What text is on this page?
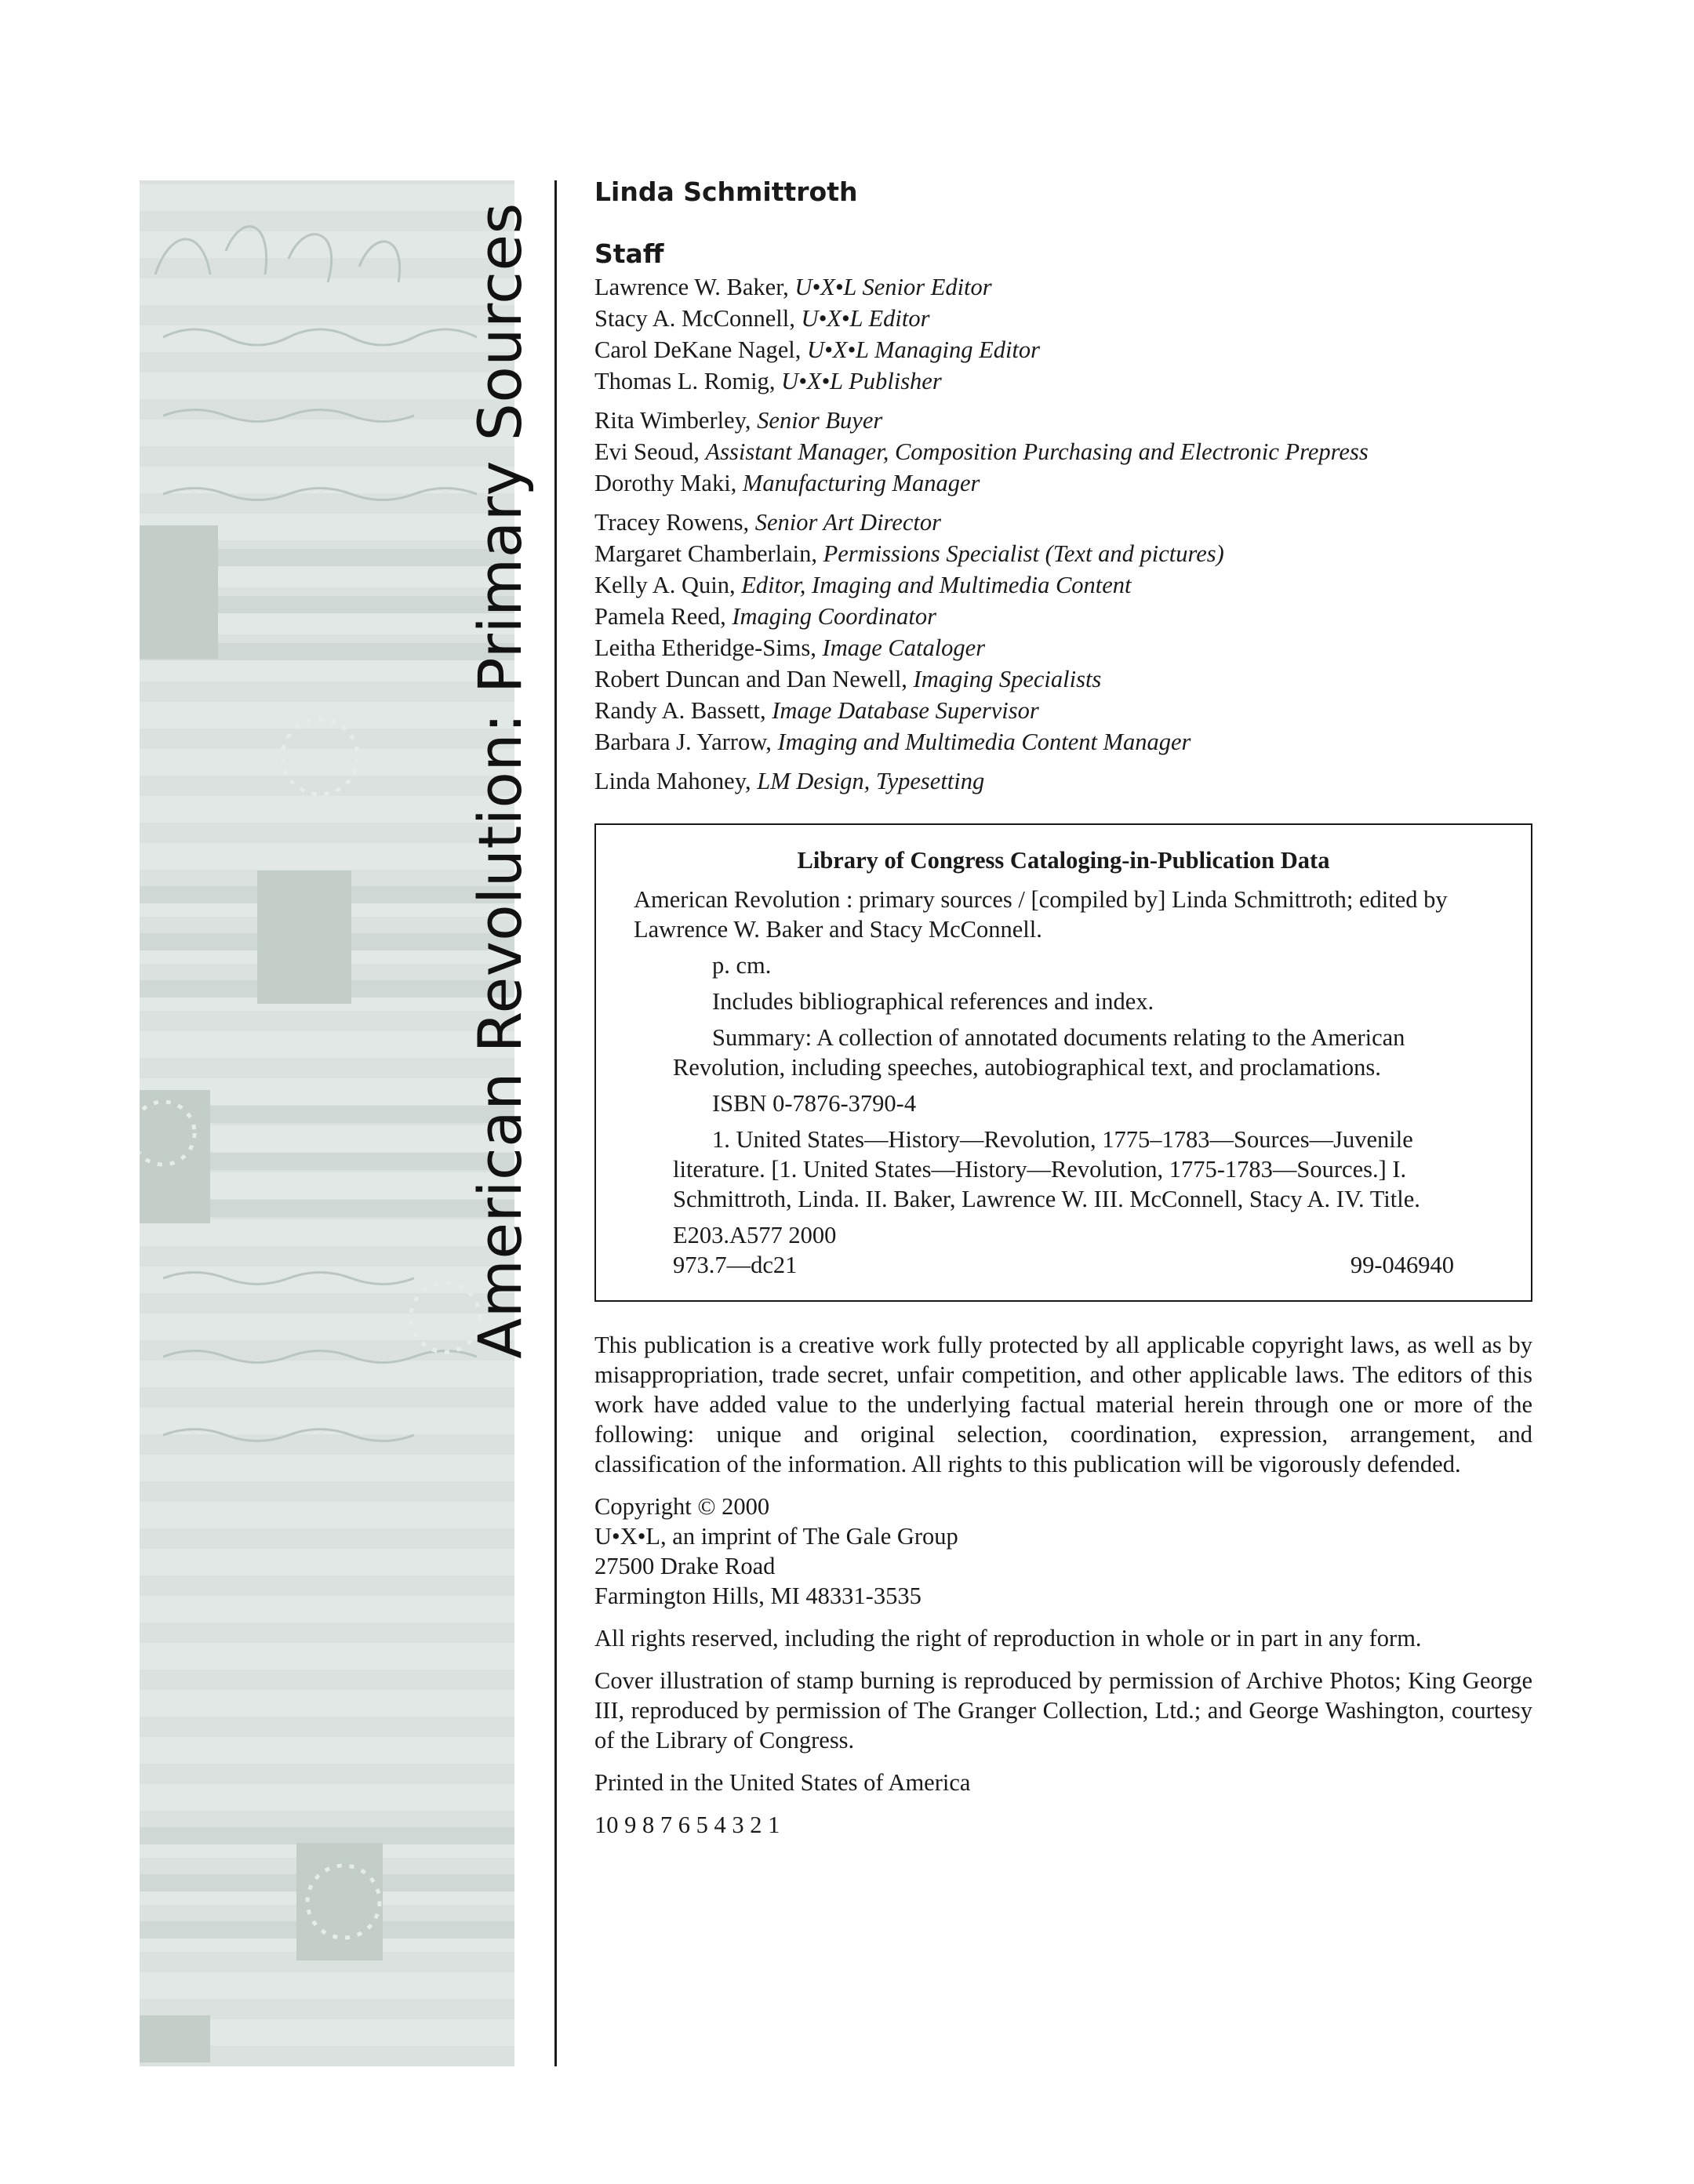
American Revolution: Primary Sources
Linda Schmittroth
Staff
Lawrence W. Baker, U•X•L Senior Editor
Stacy A. McConnell, U•X•L Editor
Carol DeKane Nagel, U•X•L Managing Editor
Thomas L. Romig, U•X•L Publisher
Rita Wimberley, Senior Buyer
Evi Seoud, Assistant Manager, Composition Purchasing and Electronic Prepress
Dorothy Maki, Manufacturing Manager
Tracey Rowens, Senior Art Director
Margaret Chamberlain, Permissions Specialist (Text and pictures)
Kelly A. Quin, Editor, Imaging and Multimedia Content
Pamela Reed, Imaging Coordinator
Leitha Etheridge-Sims, Image Cataloger
Robert Duncan and Dan Newell, Imaging Specialists
Randy A. Bassett, Image Database Supervisor
Barbara J. Yarrow, Imaging and Multimedia Content Manager
Linda Mahoney, LM Design, Typesetting
Library of Congress Cataloging-in-Publication Data

American Revolution : primary sources / [compiled by] Linda Schmittroth; edited by Lawrence W. Baker and Stacy McConnell.

p. cm.

Includes bibliographical references and index.

Summary: A collection of annotated documents relating to the American Revolution, including speeches, autobiographical text, and proclamations.

ISBN 0-7876-3790-4

1. United States—History—Revolution, 1775–1783—Sources—Juvenile literature. [1. United States—History—Revolution, 1775-1783—Sources.] I. Schmittroth, Linda. II. Baker, Lawrence W. III. McConnell, Stacy A. IV. Title.

E203.A577 2000

973.7—dc21	99-046940

This publication is a creative work fully protected by all applicable copyright laws, as well as by misappropriation, trade secret, unfair competition, and other applicable laws. The editors of this work have added value to the underlying factual material herein through one or more of the following: unique and original selection, coordination, expression, arrangement, and classification of the information. All rights to this publication will be vigorously defended.

Copyright © 2000
U•X•L, an imprint of The Gale Group
27500 Drake Road
Farmington Hills, MI 48331-3535

All rights reserved, including the right of reproduction in whole or in part in any form.

Cover illustration of stamp burning is reproduced by permission of Archive Photos; King George III, reproduced by permission of The Granger Collection, Ltd.; and George Washington, courtesy of the Library of Congress.

Printed in the United States of America

10 9 8 7 6 5 4 3 2 1
